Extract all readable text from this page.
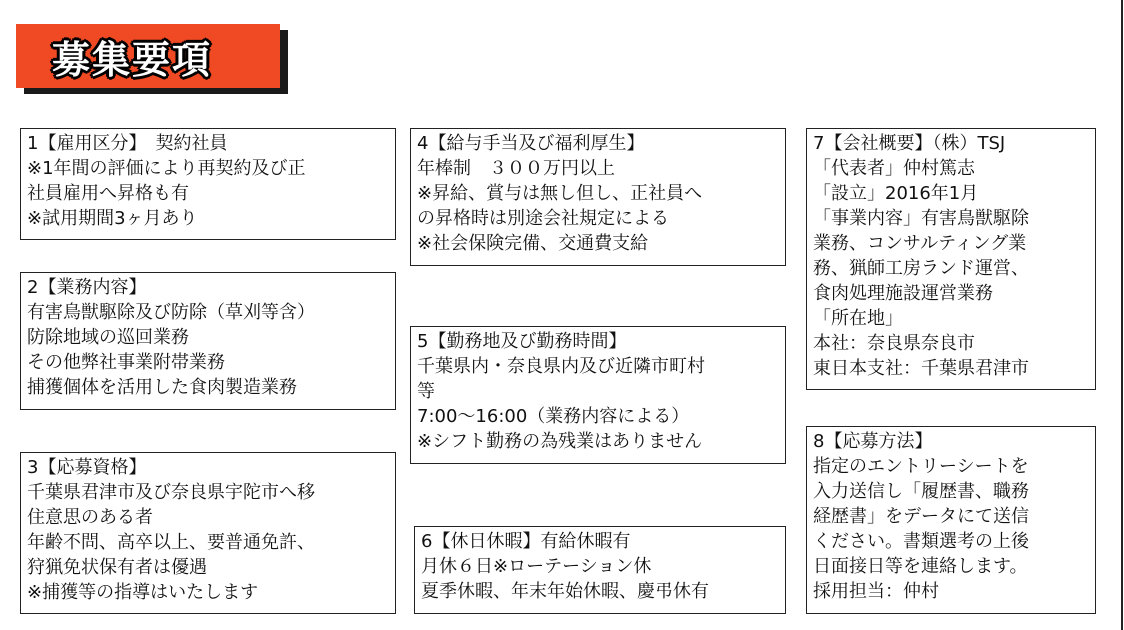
募集要項
1【雇用区分】　契約社員
※1年間の評価により再契約及び正
社員雇用へ昇格も有
※試用期間3ヶ月あり
2【業務内容】
有害鳥獣駆除及び防除（草刈等含）
防除地域の巡回業務
その他弊社事業附帯業務
捕獲個体を活用した食肉製造業務
3【応募資格】
千葉県君津市及び奈良県宇陀市へ移
住意思のある者
年齢不問、高卒以上、要普通免許、
狩猟免状保有者は優遇
※捕獲等の指導はいたします
4【給与手当及び福利厚生】
年棒制　３００万円以上
※昇給、賞与は無し但し、正社員へ
の昇格時は別途会社規定による
※社会保険完備、交通費支給
5【勤務地及び勤務時間】
千葉県内・奈良県内及び近隣市町村
等
7:00〜16:00（業務内容による）
※シフト勤務の為残業はありません
6【休日休暇】有給休暇有
月休６日※ローテーション休
夏季休暇、年末年始休暇、慶弔休有
7【会社概要】（株）TSJ
「代表者」仲村篤志
「設立」2016年1月
「事業内容」有害鳥獣駆除
業務、コンサルティング業
務、猟師工房ランド運営、
食肉処理施設運営業務
「所在地」
本社：奈良県奈良市
東日本支社：千葉県君津市
8【応募方法】
指定のエントリーシートを
入力送信し「履歴書、職務
経歴書」をデータにて送信
ください。書類選考の上後
日面接日等を連絡します。
採用担当：仲村
